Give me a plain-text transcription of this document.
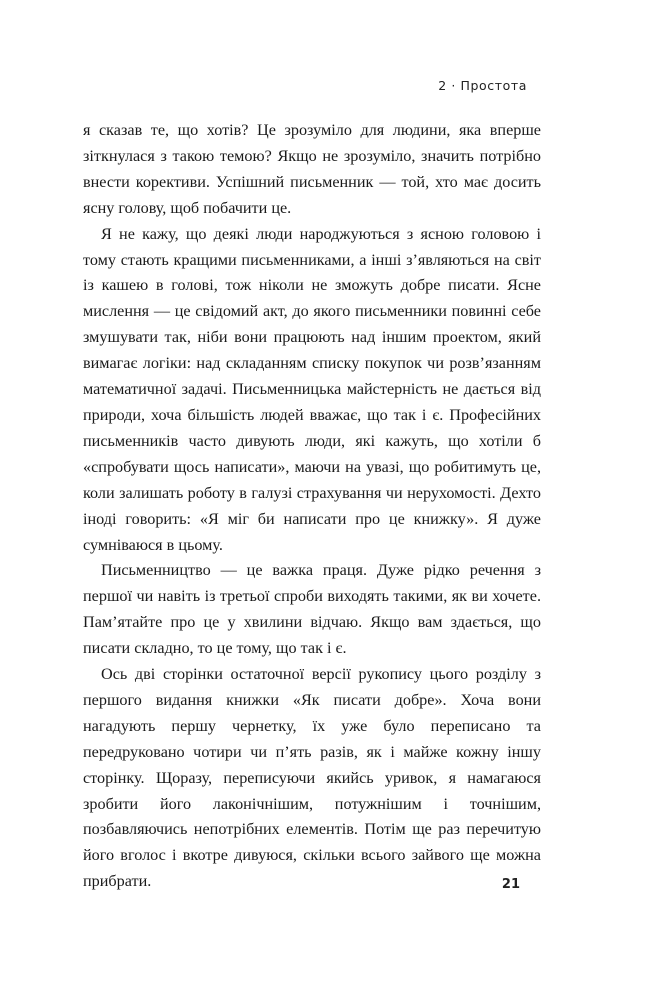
2 · Простота

я сказав те, що хотів? Це зрозуміло для людини, яка вперше зіткнулася з такою темою? Якщо не зрозуміло, значить потрібно внести корективи. Успішний письменник — той, хто має досить ясну голову, щоб побачити це.

Я не кажу, що деякі люди народжуються з ясною головою і тому стають кращими письменниками, а інші з’являються на світ із кашею в голові, тож ніколи не зможуть добре писати. Ясне мислення — це свідомий акт, до якого письменники повинні себе змушувати так, ніби вони працюють над іншим проектом, який вимагає логіки: над складанням списку покупок чи розв’язанням математичної задачі. Письменницька майстерність не дається від природи, хоча більшість людей вважає, що так і є. Професійних письменників часто дивують люди, які кажуть, що хотіли б «спробувати щось написати», маючи на увазі, що робитимуть це, коли залишать роботу в галузі страхування чи нерухомості. Дехто іноді говорить: «Я міг би написати про це книжку». Я дуже сумніваюся в цьому.

Письменництво — це важка праця. Дуже рідко речення з першої чи навіть із третьої спроби виходять такими, як ви хочете. Пам’ятайте про це у хвилини відчаю. Якщо вам здається, що писати складно, то це тому, що так і є.

Ось дві сторінки остаточної версії рукопису цього розділу з першого видання книжки «Як писати добре». Хоча вони нагадують першу чернетку, їх уже було переписано та передруковано чотири чи п’ять разів, як і майже кожну іншу сторінку. Щоразу, переписуючи якийсь уривок, я намагаюся зробити його лаконічнішим, потужнішим і точнішим, позбавляючись непотрібних елементів. Потім ще раз перечитую його вголос і вкотре дивуюся, скільки всього зайвого ще можна прибрати.	21
